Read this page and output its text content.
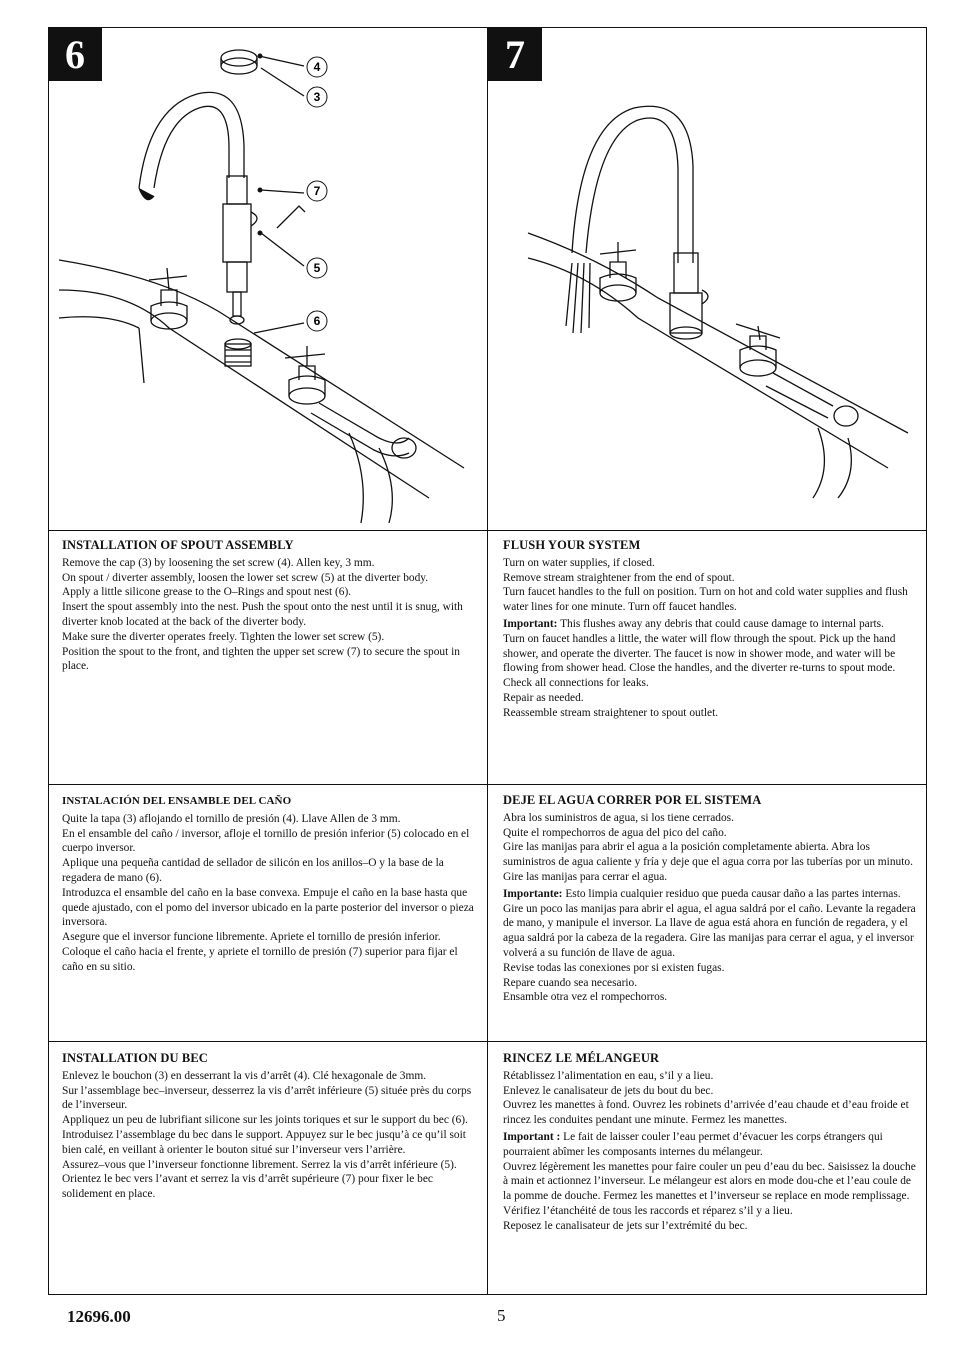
6	7
4
3
7
5
6
INSTALLATION OF SPOUT ASSEMBLY

Remove the cap (3) by loosening the set screw (4). Allen key, 3 mm.

On spout / diverter assembly, loosen the lower set screw (5) at the diverter body.

Apply a little silicone grease to the O–Rings and spout nest (6).

Insert the spout assembly into the nest. Push the spout onto the nest until it is snug, with diverter knob located at the back of the diverter body.

Make sure the diverter operates freely. Tighten the lower set screw (5).

Position the spout to the front, and tighten the upper set screw (7) to secure the spout in place.

FLUSH YOUR SYSTEM

Turn on water supplies, if closed.

Remove stream straightener from the end of spout.

Turn faucet handles to the full on position. Turn on hot and cold water supplies and flush water lines for one minute. Turn off faucet handles.

Important: This flushes away any debris that could cause damage to internal parts.

Turn on faucet handles a little, the water will flow through the spout. Pick up the hand shower, and operate the diverter. The faucet is now in shower mode, and water will be flowing from shower head. Close the handles, and the diverter re-turns to spout mode.

Check all connections for leaks.

Repair as needed.

Reassemble stream straightener to spout outlet.

INSTALACIÓN DEL ENSAMBLE DEL CAÑO

Quite la tapa (3) aflojando el tornillo de presión (4). Llave Allen de 3 mm.

En el ensamble del caño / inversor, afloje el tornillo de presión inferior (5) colocado en el cuerpo inversor.

Aplique una pequeña cantidad de sellador de silicón en los anillos–O y la base de la regadera de mano (6).

Introduzca el ensamble del caño en la base convexa. Empuje el caño en la base hasta que quede ajustado, con el pomo del inversor ubicado en la parte posterior del inversor o pieza inversora.

Asegure que el inversor funcione libremente. Apriete el tornillo de presión inferior.

Coloque el caño hacia el frente, y apriete el tornillo de presión (7) superior para fijar el caño en su sitio.

DEJE EL AGUA CORRER POR EL SISTEMA

Abra los suministros de agua, si los tiene cerrados.

Quite el rompechorros de agua del pico del caño.

Gire las manijas para abrir el agua a la posición completamente abierta. Abra los suministros de agua caliente y fría y deje que el agua corra por las tuberías por un minuto. Gire las manijas para cerrar el agua.

Importante: Esto limpia cualquier residuo que pueda causar daño a las partes internas.

Gire un poco las manijas para abrir el agua, el agua saldrá por el caño. Levante la regadera de mano, y manipule el inversor. La llave de agua está ahora en función de regadera, y el agua saldrá por la cabeza de la regadera. Gire las manijas para cerrar el agua, y el inversor volverá a su función de llave de agua.

Revise todas las conexiones por si existen fugas.

Repare cuando sea necesario.

Ensamble otra vez el rompechorros.

INSTALLATION DU BEC

Enlevez le bouchon (3) en desserrant la vis d’arrêt (4). Clé hexagonale de 3mm.

Sur l’assemblage bec–inverseur, desserrez la vis d’arrêt inférieure (5) située près du corps de l’inverseur.

Appliquez un peu de lubrifiant silicone sur les joints toriques et sur le support du bec (6).

Introduisez l’assemblage du bec dans le support. Appuyez sur le bec jusqu’à ce qu’il soit bien calé, en veillant à orienter le bouton situé sur l’inverseur vers l’arrière.

Assurez–vous que l’inverseur fonctionne librement. Serrez la vis d’arrêt inférieure (5).

Orientez le bec vers l’avant et serrez la vis d’arrêt supérieure (7) pour fixer le bec solidement en place.

RINCEZ LE MÉLANGEUR

Rétablissez l’alimentation en eau, s’il y a lieu.

Enlevez le canalisateur de jets du bout du bec.

Ouvrez les manettes à fond. Ouvrez les robinets d’arrivée d’eau chaude et d’eau froide et rincez les conduites pendant une minute. Fermez les manettes.

Important : Le fait de laisser couler l’eau permet d’évacuer les corps étrangers qui pourraient abîmer les composants internes du mélangeur.

Ouvrez légèrement les manettes pour faire couler un peu d’eau du bec. Saisissez la douche à main et actionnez l’inverseur. Le mélangeur est alors en mode dou-che et l’eau coule de la pomme de douche. Fermez les manettes et l’inverseur se replace en mode remplissage.

Vérifiez l’étanchéité de tous les raccords et réparez s’il y a lieu.

Reposez le canalisateur de jets sur l’extrémité du bec.

12696.00	5
